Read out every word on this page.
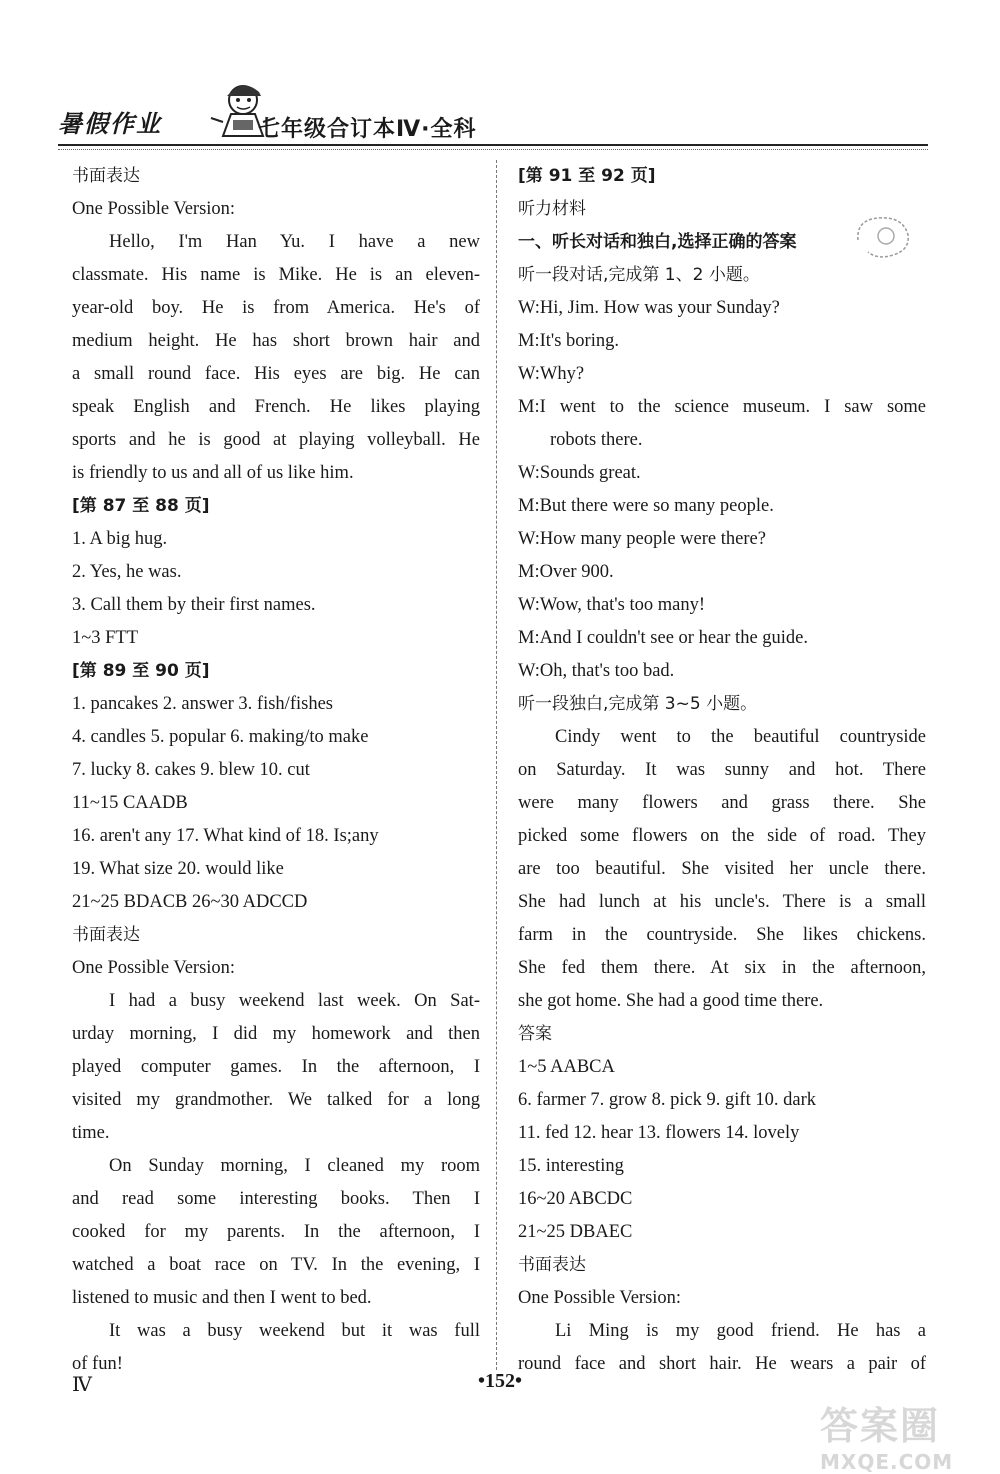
暑假作业	七年级合订本Ⅳ·全科
书面表达
One Possible Version:
Hello, I'm Han Yu. I have a new
classmate. His name is Mike. He is an eleven-
year-old boy. He is from America. He's of
medium height. He has short brown hair and
a small round face. His eyes are big. He can
speak English and French. He likes playing
sports and he is good at playing volleyball. He
is friendly to us and all of us like him.
[第 87 至 88 页]
1. A big hug.
2. Yes, he was.
3. Call them by their first names.
1~3 FTT
[第 89 至 90 页]
1. pancakes 2. answer 3. fish/fishes
4. candles 5. popular 6. making/to make
7. lucky 8. cakes 9. blew 10. cut
11~15 CAADB
16. aren't any 17. What kind of 18. Is;any
19. What size 20. would like
21~25 BDACB 26~30 ADCCD
书面表达
One Possible Version:
I had a busy weekend last week. On Sat-
urday morning, I did my homework and then
played computer games. In the afternoon, I
visited my grandmother. We talked for a long
time.
On Sunday morning, I cleaned my room
and read some interesting books. Then I
cooked for my parents. In the afternoon, I
watched a boat race on TV. In the evening, I
listened to music and then I went to bed.
It was a busy weekend but it was full
of fun!
[第 91 至 92 页]
听力材料
一、听长对话和独白,选择正确的答案
听一段对话,完成第 1、2 小题。
W:Hi, Jim. How was your Sunday?
M:It's boring.
W:Why?
M:I went to the science museum. I saw some
robots there.
W:Sounds great.
M:But there were so many people.
W:How many people were there?
M:Over 900.
W:Wow, that's too many!
M:And I couldn't see or hear the guide.
W:Oh, that's too bad.
听一段独白,完成第 3~5 小题。
Cindy went to the beautiful countryside
on Saturday. It was sunny and hot. There
were many flowers and grass there. She
picked some flowers on the side of road. They
are too beautiful. She visited her uncle there.
She had lunch at his uncle's. There is a small
farm in the countryside. She likes chickens.
She fed them there. At six in the afternoon,
she got home. She had a good time there.
答案
1~5 AABCA
6. farmer 7. grow 8. pick 9. gift 10. dark
11. fed 12. hear 13. flowers 14. lovely
15. interesting
16~20 ABCDC
21~25 DBAEC
书面表达
One Possible Version:
Li Ming is my good friend. He has a
round face and short hair. He wears a pair of
Ⅳ	•152•
答案圈
MXQE.COM
